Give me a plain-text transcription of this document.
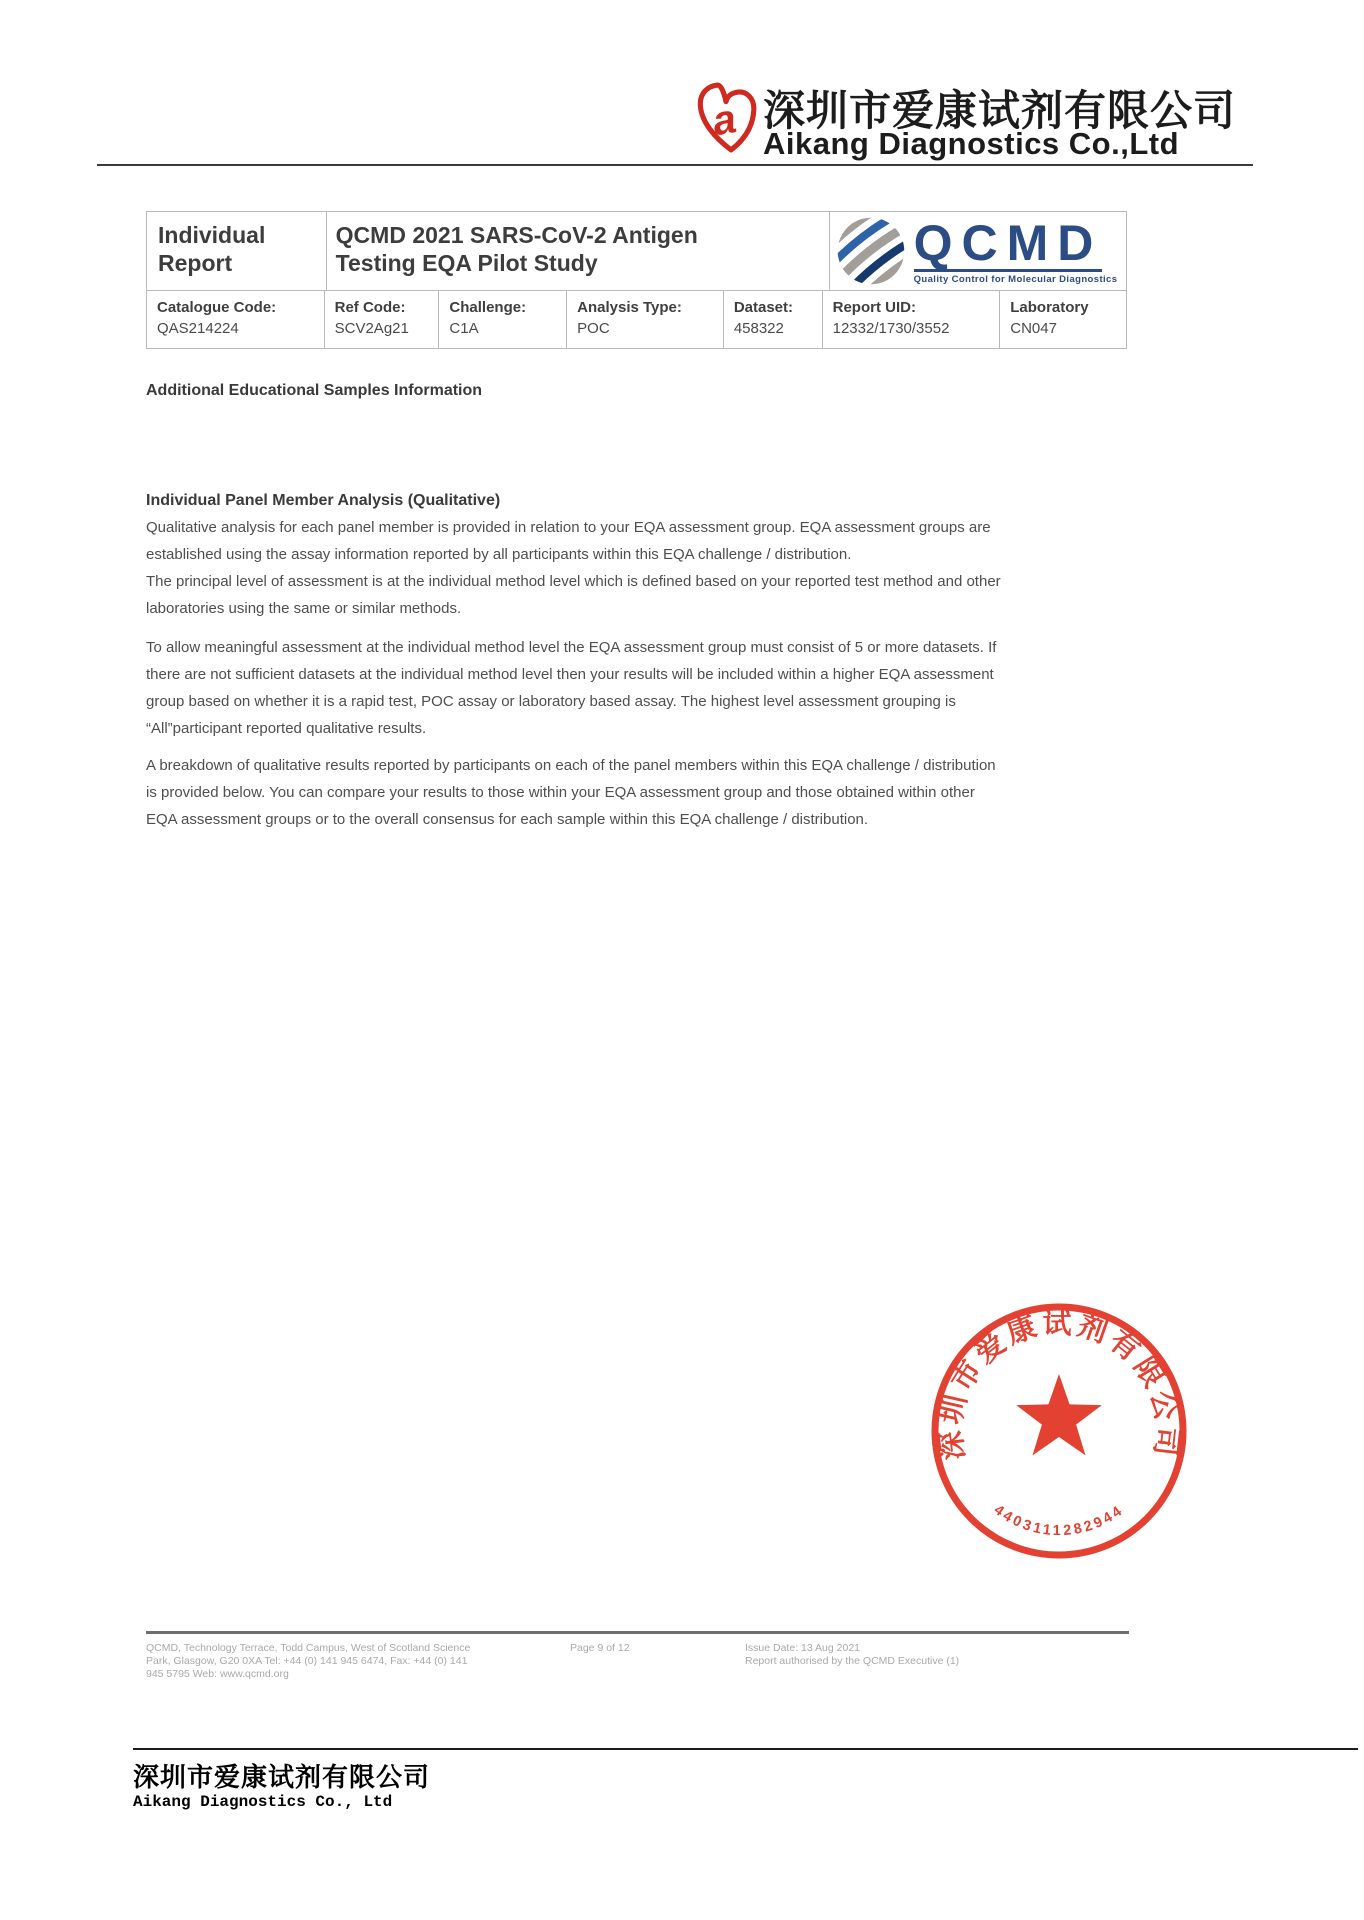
a 深圳市爱康试剂有限公司
Aikang Diagnostics Co.,Ltd
Individual
Report
QCMD 2021 SARS-CoV-2 Antigen
Testing EQA Pilot Study	QCMD
Quality Control for Molecular Diagnostics
Catalogue Code:
QAS214224
Ref Code:
SCV2Ag21
Challenge:
C1A
Analysis Type:
POC
Dataset:
458322
Report UID:
12332/1730/3552
Laboratory
CN047
Additional Educational Samples Information
Individual Panel Member Analysis (Qualitative)
Qualitative analysis for each panel member is provided in relation to your EQA assessment group. EQA assessment groups are
established using the assay information reported by all participants within this EQA challenge / distribution.
The principal level of assessment is at the individual method level which is defined based on your reported test method and other
laboratories using the same or similar methods.
To allow meaningful assessment at the individual method level the EQA assessment group must consist of 5 or more datasets. If
there are not sufficient datasets at the individual method level then your results will be included within a higher EQA assessment
group based on whether it is a rapid test, POC assay or laboratory based assay. The highest level assessment grouping is
“All”participant reported qualitative results.
A breakdown of qualitative results reported by participants on each of the panel members within this EQA challenge / distribution
is provided below. You can compare your results to those within your EQA assessment group and those obtained within other
EQA assessment groups or to the overall consensus for each sample within this EQA challenge / distribution.
深圳市爱康试剂有限公司
4403111282944
QCMD, Technology Terrace, Todd Campus, West of Scotland Science
Park, Glasgow, G20 0XA Tel: +44 (0) 141 945 6474, Fax: +44 (0) 141
945 5795 Web: www.qcmd.org
Page 9 of 12	Issue Date: 13 Aug 2021
Report authorised by the QCMD Executive (1)
深圳市爱康试剂有限公司
Aikang Diagnostics Co., Ltd
